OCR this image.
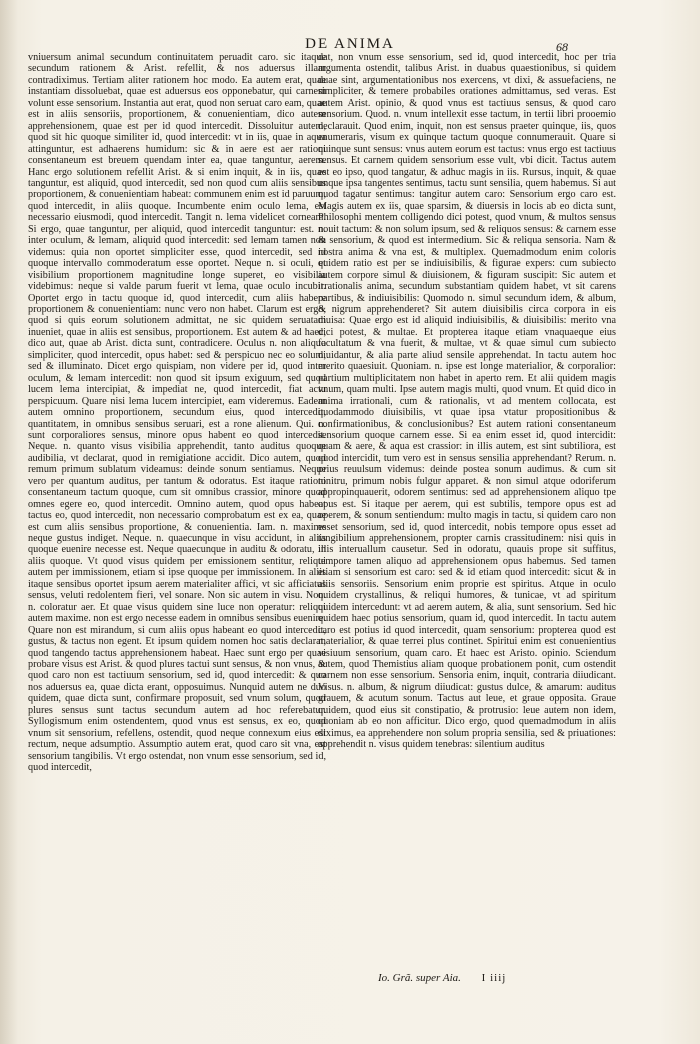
DE ANIMA	68
vniuersum animal secundum continuitatem peruadit caro. sic itaque secundum rationem & Arist. refellit, & nos aduersus illam contradiximus. Tertiam aliter rationem hoc modo. Ea autem erat, quae instantiam dissoluebat, quae est aduersus eos opponebatur, qui carnem volunt esse sensorium. Instantia aut erat, quod non seruat caro eam, quae est in aliis sensoriis, proportionem, & conuenientiam, dico autem apprehensionem, quae est per id quod intercedit. Dissoluitur autem, quod sit hic quoque similiter id, quod intercedit: vt in iis, quae in aqua attinguntur, est adhaerens humidum: sic & in aere est aer rationi consentaneum est breuem quendam inter ea, quae tanguntur, aerem. Hanc ergo solutionem refellit Arist. & si enim inquit, & in iis, quae tanguntur, est aliquid, quod intercedit, sed non quod cum aliis sensibus proportionem, & conuenientiam habeat: communem enim est id paruum, quod intercedit, in aliis quoque. Incumbente enim oculo lema, est necessario eiusmodi, quod intercedit. Tangit n. lema videlicet corneam. Si ergo, quae tanguntur, per aliquid, quod intercedit tanguntur: est. n. inter oculum, & lemam, aliquid quod intercedit: sed lemam tamen non videmus: quia non oportet simpliciter esse, quod intercedit, sed id quoque intervallo commoderatum esse oportet. Neque n. si oculi, et visibilium proportionem magnitudine longe superet, eo visibilia videbimus: neque si valde parum fuerit vt lema, quae oculo incubit. Oportet ergo in tactu quoque id, quod intercedit, cum aliis habere proportionem & conuenientiam: nunc vero non habet. Clarum est ergo, quod si quis eorum solutionem admittat, ne sic quidem seruatam inueniet, quae in aliis est sensibus, proportionem. Est autem & ad haec, dico aut, quae ab Arist. dicta sunt, contradicere. Oculus n. non aliquo simpliciter, quod intercedit, opus habet: sed & perspicuo nec eo solum, sed & illuminato. Dicet ergo quispiam, non videre per id, quod inter oculum, & lemam intercedit: non quod sit ipsum exiguum, sed quod lucem lema intercipiat, & impediat ne, quod intercedit, fiat actu perspicuum. Quare nisi lema lucem intercipiet, eam videremus. Eadem autem omnino proportionem, secundum eius, quod intercedit, quantitatem, in omnibus sensibus seruari, est a rone alienum. Qui. n. sunt corporaliores sensus, minore opus habent eo quod intercedit. Neque. n. quanto visus visibilia apprehendit, tanto auditus quoque audibilia, vt declarat, quod in remigiatione accidit. Dico autem, quod remum primum sublatum videamus: deinde sonum sentiamus. Neque vero per quantum auditus, per tantum & odoratus. Est itaque rationi consentaneum tactum quoque, cum sit omnibus crassior, minore quod omnes egere eo, quod intercedit. Omnino autem, quod opus habeat tactus eo, quod intercedit, non necessario comprobatum est ex ea, quae est cum aliis sensibus proportione, & conuenientia. Iam. n. maxime neque gustus indiget. Neque. n. quaecunque in visu accidunt, in aliis quoque euenire necesse est. Neque quaecunque in auditu & odoratu, in aliis quoque. Vt quod visus quidem per emissionem sentitur, reliqui autem per immissionem, etiam si ipse quoque per immissionem. In aliis itaque sensibus oportet ipsum aerem materialiter affici, vt sic afficiatus sensus, veluti redolentem fieri, vel sonare. Non sic autem in visu. Non. n. coloratur aer. Et quae visus quidem sine luce non operatur: reliqui autem maxime. non est ergo necesse eadem in omnibus sensibus euenire. Quare non est mirandum, si cum aliis opus habeant eo quod intercedit, gustus, & tactus non egent. Et ipsum quidem nomen hoc satis declarat, quod tangendo tactus apprehensionem habeat. Haec sunt ergo per quae probare visus est Arist. & quod plures tactui sunt sensus, & non vnus, & quod caro non est tactiuum sensorium, sed id, quod intercedit: & quo nos aduersus ea, quae dicta erant, opposuimus. Nunquid autem ne duo quidem, quae dicta sunt, confirmare proposuit, sed vnum solum, quod plures sensus sunt tactus secundum autem ad hoc referebatur. Syllogismum enim ostendentem, quod vnus est sensus, ex eo, quod vnum sit sensorium, refellens, ostendit, quod neque connexum eius est rectum, neque adsumptio. Assumptio autem erat, quod caro sit vna, est sensorium tangibilis. Vt ergo ostendat, non vnum esse sensorium, sed id, quod intercedit,
dat, non vnum esse sensorium, sed id, quod intercedit, hoc per tria argumenta ostendit, talibus Arist. in duabus quaestionibus, si quidem duae sint, argumentationibus nos exercens, vt dixi, & assuefaciens, ne simpliciter, & temere probabiles orationes admittamus, sed veras. Est autem Arist. opinio, & quod vnus est tactiuus sensus, & quod caro sensorium. Quod. n. vnum intellexit esse tactum, in tertii libri prooemio declarauit. Quod enim, inquit, non est sensus praeter quinque, iis, quos enumeraris, visum ex quinque tactum quoque connumerauit. Quare si quinque sunt sensus: vnus autem eorum est tactus: vnus ergo est tactiuus sensus. Et carnem quidem sensorium esse vult, vbi dicit. Tactus autem est eo ipso, quod tangatur, & adhuc magis in iis. Rursus, inquit, & quae unque ipsa tangentes sentimus, tactu sunt sensilia, quem habemus. Si aut quod tagatur sentimus: tangitur autem caro: Sensorium ergo caro est. Magis autem ex iis, quae sparsim, & diuersis in locis ab eo dicta sunt, Philosophi mentem colligendo dici potest, quod vnum, & multos sensus nouit tactum: & non solum ipsum, sed & reliquos sensus: & carnem esse & sensorium, & quod est intermedium. Sic & reliqua sensoria. Nam & nostra anima & vna est, & multiplex. Quemadmodum enim coloris quidem ratio est per se indiuisibilis, & figurae expers: cum subiecto autem corpore simul & diuisionem, & figuram suscipit: Sic autem et irrationalis anima, secundum substantiam quidem habet, vt sit carens partibus, & indiuisibilis: Quomodo n. simul secundum idem, & album, & nigrum apprehenderet? Sit autem diuisibilis circa corpora in eis diuisa: Quae ergo est id aliquid indiuisibilis, & diuisibilis: merito vna dici potest, & multae. Et propterea itaque etiam vnaquaeque eius facultatum & vna fuerit, & multae, vt & quae simul cum subiecto diuidantur, & alia parte aliud sensile apprehendat. In tactu autem hoc merito quaesiuit. Quoniam. n. ipse est longe materialior, & corporalior: partium multiplicitatem non habet in aperto rem. Et alii quidem magis vnum, quam multi. Ipse autem magis multi, quod vnum. Et quid dico in anima irrationali, cum & rationalis, vt ad mentem collocata, est quodammodo diuisibilis, vt quae ipsa vtatur propositionibus & confirmationibus, & conclusionibus? Est autem rationi consentaneum sensorium quoque carnem esse. Si ea enim esset id, quod intercidit: quam & aere, & aqua est crassior: in illis autem, est sint subtiliora, est quod intercidit, tum vero est in sensus sensilia apprehendant? Rerum. n. prius reuulsum videmus: deinde postea sonum audimus. & cum sit tonitru, primum nobis fulgur apparet. & non simul atque odoriferum appropinquauerit, odorem sentimus: sed ad apprehensionem aliquo tpe opus est. Si itaque per aerem, qui est subtilis, tempore opus est ad operem, & sonum sentiendum: multo magis in tactu, si quidem caro non esset sensorium, sed id, quod intercedit, nobis tempore opus esset ad tangibilium apprehensionem, propter carnis crassitudinem: nisi quis in illis interuallum causetur. Sed in odoratu, quauis prope sit suffitus, tempore tamen aliquo ad apprehensionem opus habemus. Sed tamen etiam si sensorium est caro: sed & id etiam quod intercedit: sicut & in aliis sensoriis. Sensorium enim proprie est spiritus. Atque in oculo quidem crystallinus, & reliqui humores, & tunicae, vt ad spiritum quidem intercedunt: vt ad aerem autem, & alia, sunt sensorium. Sed hic quidem haec potius sensorium, quam id, quod intercedit. In tactu autem caro est potius id quod intercedit, quam sensorium: propterea quod est materialior, & quae terrei plus continet. Spiritui enim est conuenientius visiuum sensorium, quam caro. Et haec est Aristo. opinio. Sciendum autem, quod Themistius aliam quoque probationem ponit, cum ostendit carnem non esse sensorium. Sensoria enim, inquit, contraria diiudicant. Visus. n. album, & nigrum diiudicat: gustus dulce, & amarum: auditus grauem, & acutum sonum. Tactus aut leue, et graue opposita. Graue quidem, quod eius sit constipatio, & protrusio: leue autem non idem, quoniam ab eo non afficitur. Dico ergo, quod quemadmodum in aliis diximus, ea apprehendere non solum propria sensilia, sed & priuationes: apprehendit n. visus quidem tenebras: silentium auditus
Io. Grã. super Aia. I iiij
